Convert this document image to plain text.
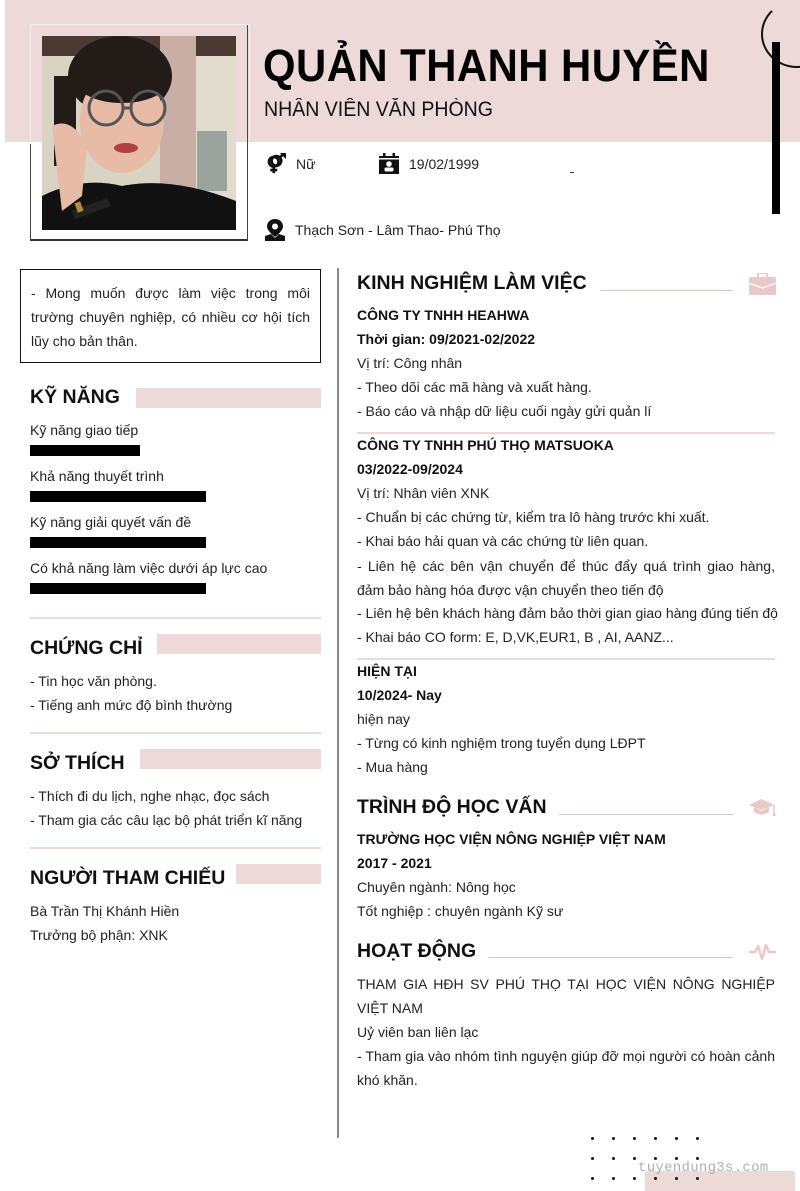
QUẢN THANH HUYỀN
NHÂN VIÊN VĂN PHÒNG
Nữ	19/02/1999
Thạch Sơn - Lâm Thao- Phú Thọ
- Mong muốn được làm việc trong môi trường chuyên nghiệp, có nhiều cơ hội tích lũy cho bản thân.
KỸ NĂNG
Kỹ năng giao tiếp
Khả năng thuyết trình
Kỹ năng giải quyết vấn đề
Có khả năng làm việc dưới áp lực cao
CHỨNG CHỈ
- Tin học văn phòng.
- Tiếng anh mức độ bình thường
SỞ THÍCH
- Thích đi du lịch, nghe nhạc, đọc sách
- Tham gia các câu lạc bộ phát triển kĩ năng
NGƯỜI THAM CHIẾU
Bà Trần Thị Khánh Hiền
Trưởng bộ phận: XNK
KINH NGHIỆM LÀM VIỆC
CÔNG TY TNHH HEAHWA
Thời gian: 09/2021-02/2022
Vị trí: Công nhân
- Theo dõi các mã hàng và xuất hàng.
- Báo cáo và nhập dữ liệu cuối ngày gửi quản lí
CÔNG TY TNHH PHÚ THỌ MATSUOKA
03/2022-09/2024
Vị trí: Nhân viên XNK
- Chuẩn bị các chứng từ, kiểm tra lô hàng trước khi xuất.
- Khai báo hải quan và các chứng từ liên quan.
- Liên hệ các bên vận chuyển để thúc đẩy quá trình giao hàng, đảm bảo hàng hóa được vận chuyển theo tiến độ
- Liên hệ bên khách hàng đảm bảo thời gian giao hàng đúng tiến độ
- Khai báo CO form: E, D,VK,EUR1, B , AI, AANZ...
HIỆN TẠI
10/2024- Nay
hiện nay
- Từng có kinh nghiệm trong tuyển dụng LĐPT
- Mua hàng
TRÌNH ĐỘ HỌC VẤN
TRƯỜNG HỌC VIỆN NÔNG NGHIỆP VIỆT NAM
2017 - 2021
Chuyên ngành: Nông học
Tốt nghiệp : chuyên ngành Kỹ sư
HOẠT ĐỘNG
THAM GIA HĐH SV PHÚ THỌ TẠI HỌC VIỆN NÔNG NGHIỆP VIỆT NAM
Uỷ viên ban liên lạc
- Tham gia vào nhóm tình nguyện giúp đỡ mọi người có hoàn cảnh khó khăn.
tuyendung3s.com
